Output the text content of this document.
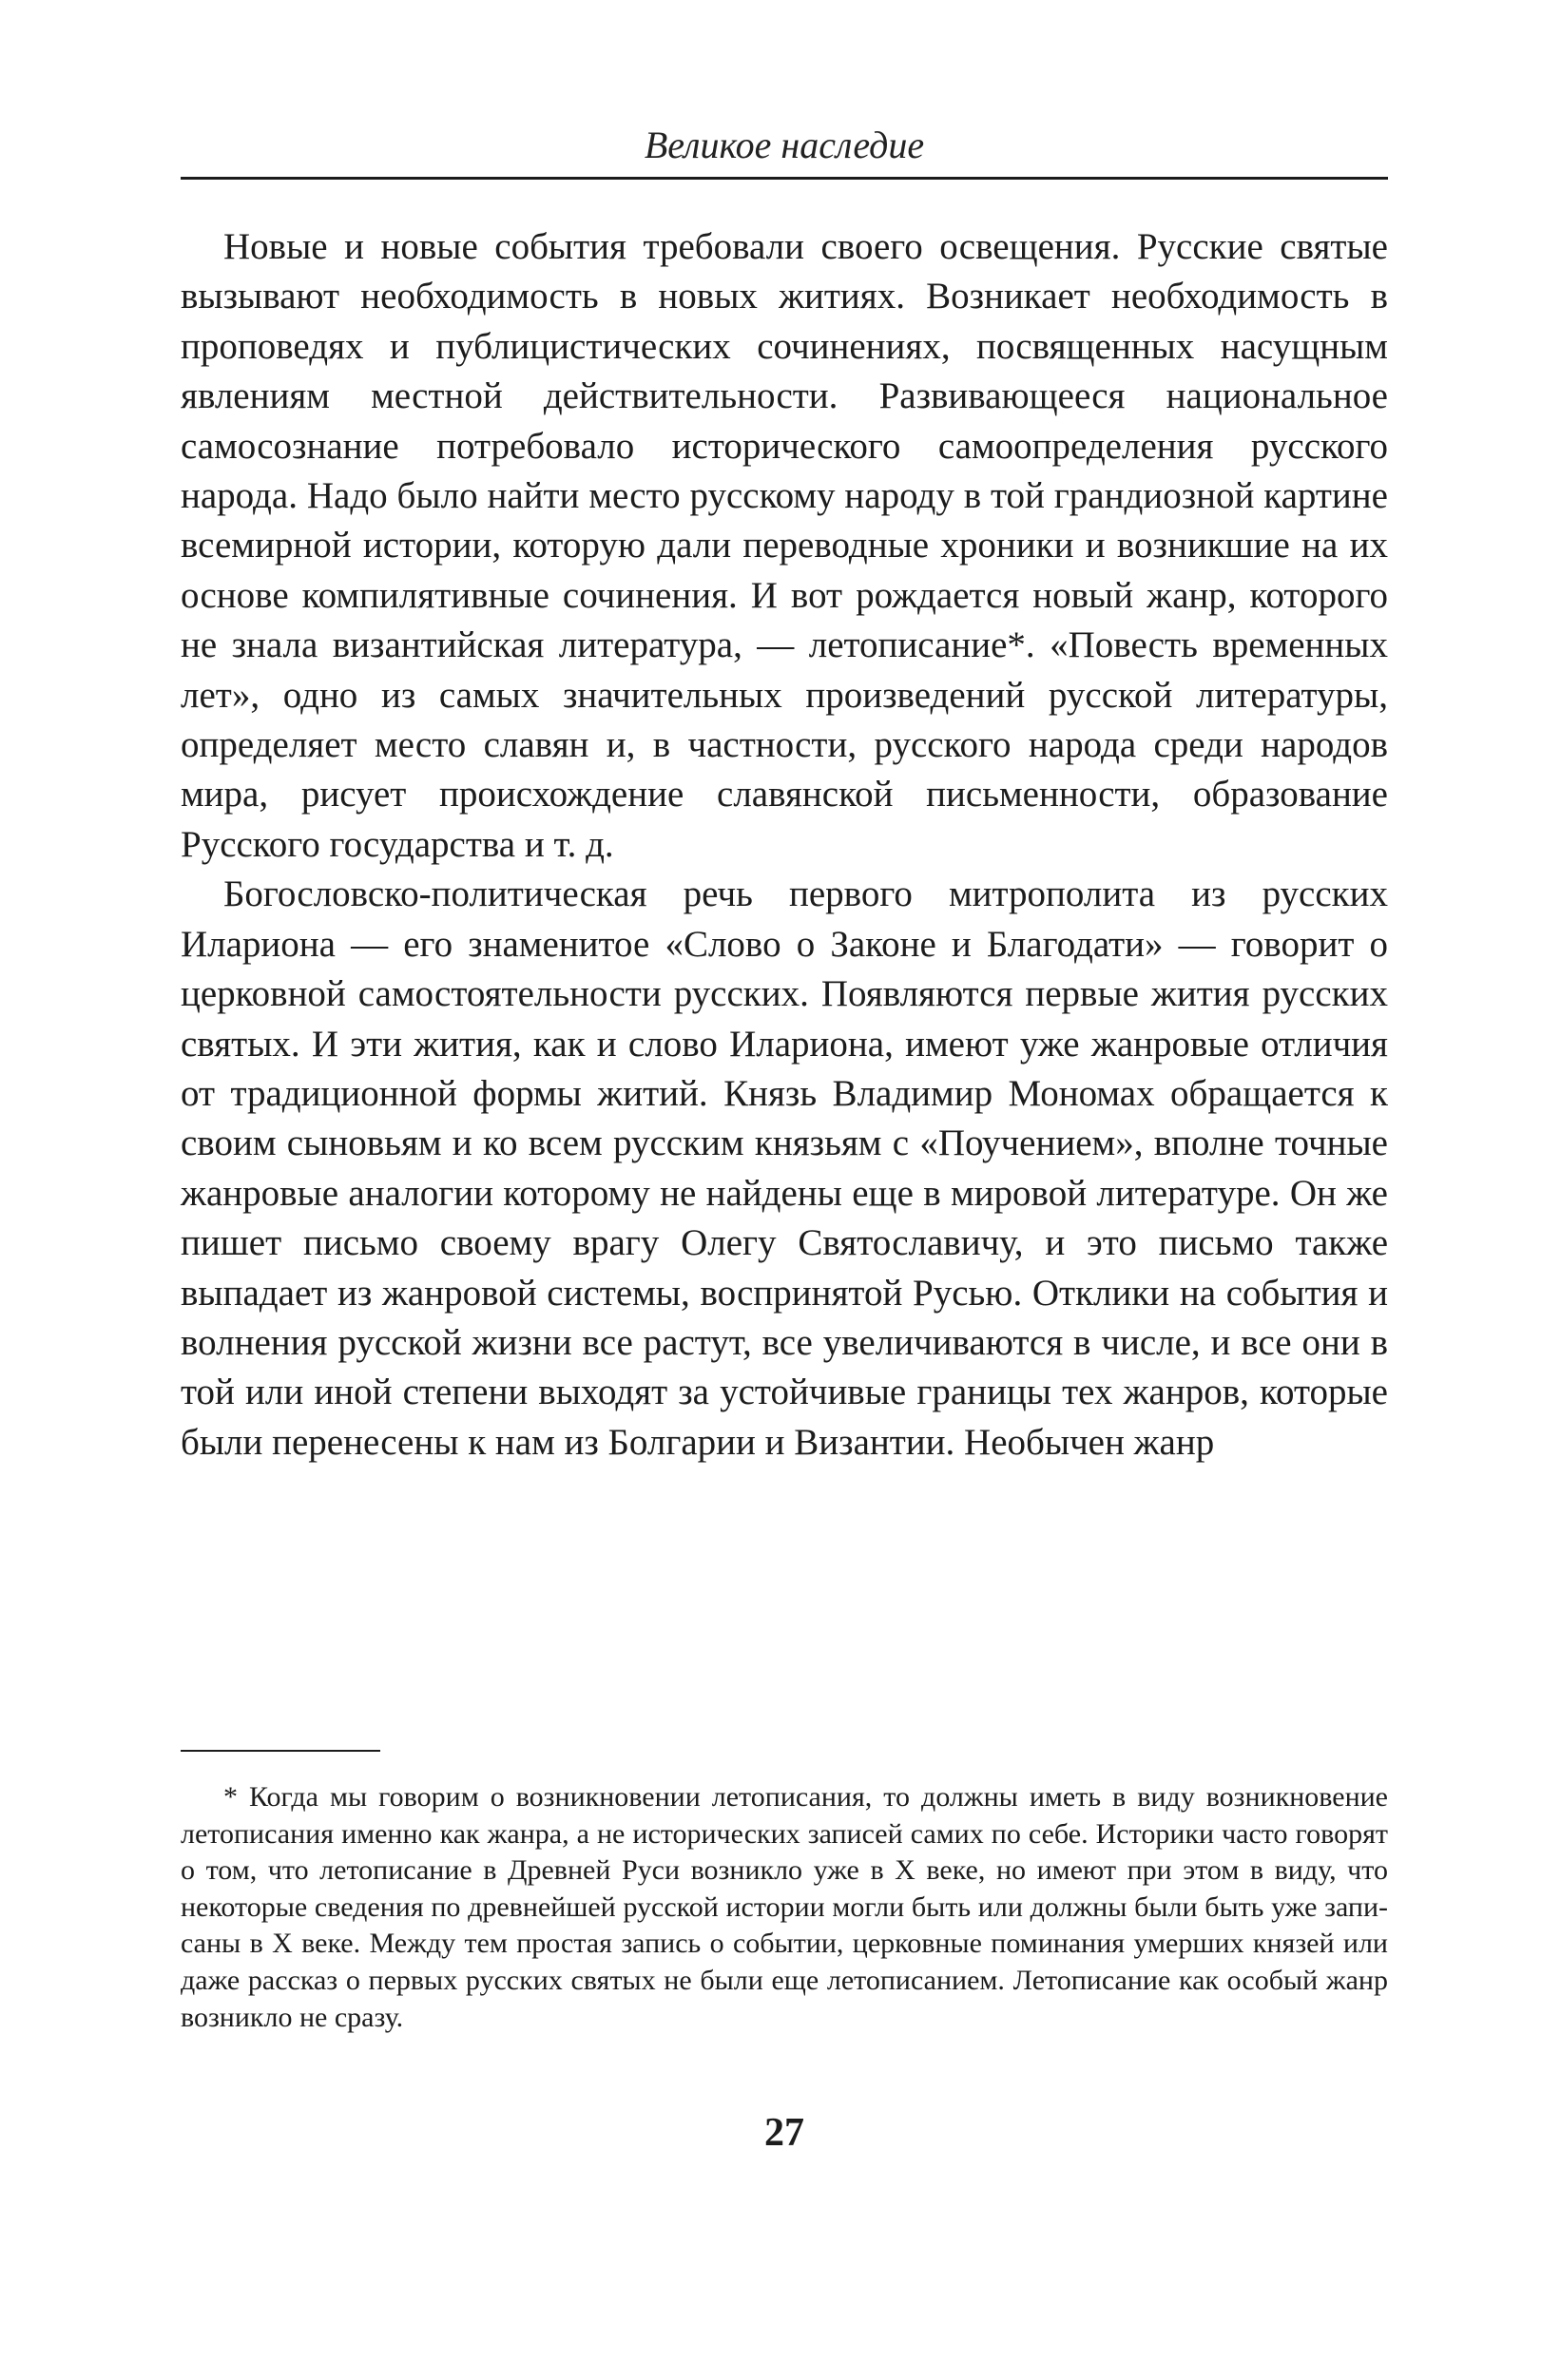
Великое наследие

Новые и новые события требовали своего освещения. Русские святые вызывают необходимость в новых житиях. Возникает необходимость в проповедях и публицистических сочинениях, посвященных насущным явлениям местной действительности. Развивающееся национальное самосознание потребовало исторического самоопределения русского народа. Надо было найти место русскому народу в той грандиозной картине всемирной истории, которую дали переводные хроники и возникшие на их основе компилятивные сочинения. И вот рождается новый жанр, которого не знала византийская литература, — летописание*. «Повесть временных лет», одно из самых значительных произведений русской литературы, определяет место славян и, в частности, русского народа среди народов мира, рисует происхождение славянской письменности, образование Русского государства и т. д.

Богословско-политическая речь первого митрополита из русских Илариона — его знаменитое «Слово о Законе и Благодати» — говорит о церковной самостоятельности русских. Появляются первые жития русских святых. И эти жития, как и слово Илариона, имеют уже жанровые отличия от традиционной формы житий. Князь Владимир Мономах обращается к своим сыновьям и ко всем русским князьям с «Поучением», вполне точные жанровые аналогии которому не найдены еще в мировой литературе. Он же пишет письмо своему врагу Олегу Святославичу, и это письмо также выпадает из жанровой системы, воспринятой Русью. Отклики на события и волнения русской жизни все растут, все увеличиваются в числе, и все они в той или иной степени выходят за устойчивые границы тех жанров, которые были перенесены к нам из Болгарии и Византии. Необычен жанр

* Когда мы говорим о возникновении летописания, то должны иметь в виду возникновение летописания именно как жанра, а не исторических записей самих по себе. Историки часто говорят о том, что летописание в Древней Руси возникло уже в X веке, но имеют при этом в виду, что некоторые сведения по древнейшей русской истории могли быть или должны были быть уже записаны в X веке. Между тем простая запись о событии, церковные поминания умерших князей или даже рассказ о первых русских святых не были еще летописанием. Летописание как особый жанр возникло не сразу.

27
